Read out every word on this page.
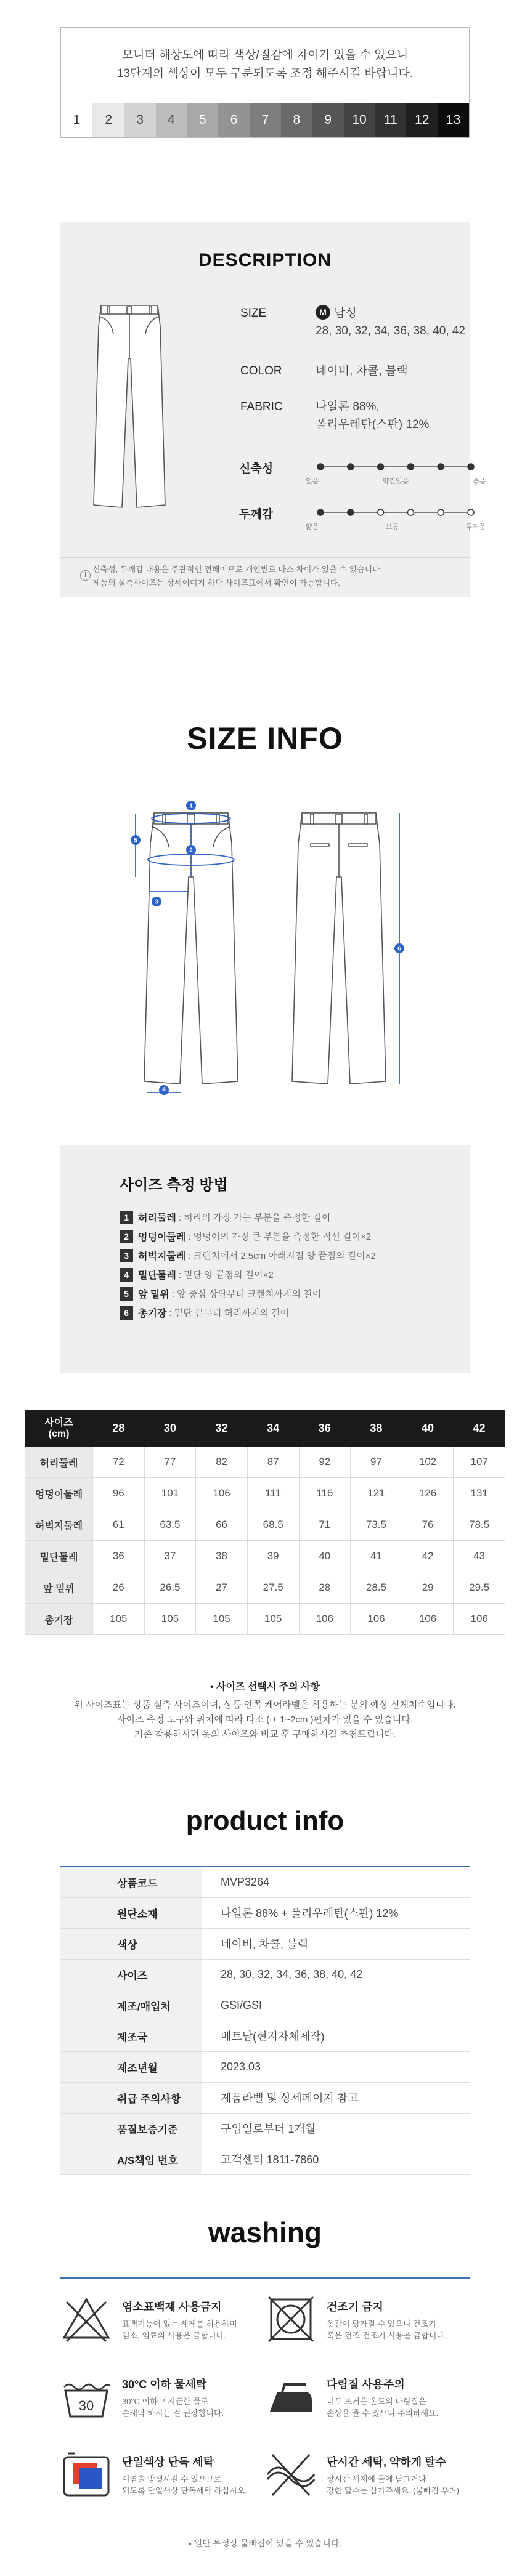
모니터 해상도에 따라 색상/질감에 차이가 있을 수 있으니
13단계의 색상이 모두 구분되도록 조정 해주시길 바랍니다.
1	2	3	4	5	6	7	8	9	10	11	12	13
DESCRIPTION
SIZE	M 남성
28, 30, 32, 34, 36, 38, 40, 42
COLOR	네이비, 차콜, 블랙
FABRIC	나일론 88%,
폴리우레탄(스판) 12%
신축성
없음	약간있음	좋음
두께감
얇음	보통	두꺼움
i
신축성, 두께감 내용은 주관적인 견해이므로 개인별로 다소 차이가 있을 수 있습니다.
제품의 실측사이즈는 상세이미지 하단 사이즈표에서 확인이 가능합니다.
SIZE INFO
1
2
3
5
6
4
사이즈 측정 방법
1 허리둘레 : 허리의 가장 가는 부분을 측정한 길이
2 엉덩이둘레 : 엉덩이의 가장 큰 부분을 측정한 직선 길이×2
3 허벅지둘레 : 크랜치에서 2.5cm 아래지점 양 끝점의 길이×2
4 밑단둘레 : 밑단 양 끝점의 길이×2
5 앞 밑위 : 앞 중심 상단부터 크랜치까지의 길이
6 총기장 : 밑단 끝부터 허리까지의 길이
사이즈
(cm)	28	30	32	34	36	38	40	42
허리둘레	72	77	82	87	92	97	102	107
엉덩이둘레	96	101	106	111	116	121	126	131
허벅지둘레	61	63.5	66	68.5	71	73.5	76	78.5
밑단둘레	36	37	38	39	40	41	42	43
앞 밑위	26	26.5	27	27.5	28	28.5	29	29.5
총기장	105	105	105	105	106	106	106	106
• 사이즈 선택시 주의 사항
위 사이즈표는 상품 실측 사이즈이며, 상품 안쪽 케어라벨은 착용하는 분의 예상 신체치수입니다.
사이즈 측정 도구와 위치에 따라 다소 ( ± 1~2cm )편차가 있을 수 있습니다.
기존 착용하시던 옷의 사이즈와 비교 후 구매하시길 추천드립니다.
product info
상품코드	MVP3264
원단소재	나일론 88% + 폴리우레탄(스판) 12%
색상	네이비, 차콜, 블랙
사이즈	28, 30, 32, 34, 36, 38, 40, 42
제조/매입처	GSI/GSI
제조국	베트남(현지자체제작)
제조년월	2023.03
취급 주의사항	제품라벨 및 상세페이지 참고
품질보증기준	구입일로부터 1개월
A/S책임 번호	고객센터 1811-7860
washing
염소표백제 사용금지
표백기능이 없는 세제를 허용하며
염소, 염료의 사용은 금합니다.
건조기 금지
옷감이 망가질 수 있으니 건조기
혹은 건조·건조기 사용을 금합니다.
30
30°C 이하 물세탁
30°C 이하 미지근한 물로
손세탁 하시는 걸 권장합니다.
다림질 사용주의
너무 뜨거운 온도의 다림질은
손상을 줄 수 있으니 주의하세요.
단일색상 단독 세탁
이염을 방생시킬 수 있으므로
되도록 단일색상 단독세탁 하십시오.
단시간 세탁, 약하게 탈수
장시간 세제에 물에 담그거나
강한 탈수는 삼가주세요. (물빠짐 우려)
• 원단 특성상 물빠짐이 있을 수 있습니다.
